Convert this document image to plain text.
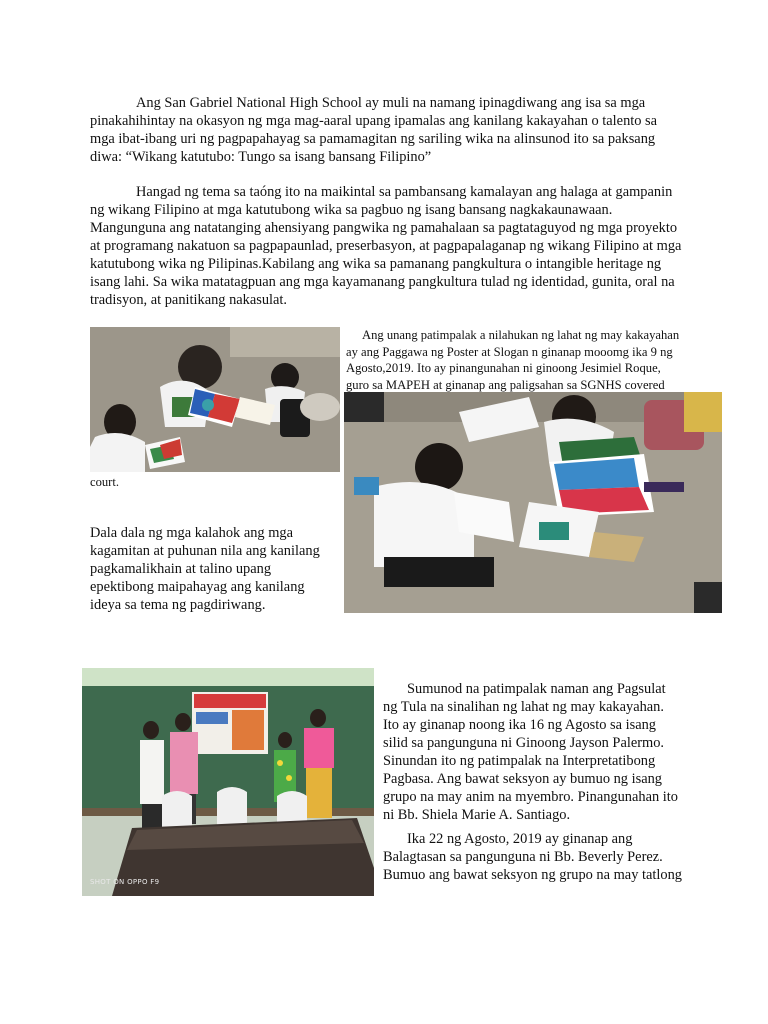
Ang San Gabriel National High School ay muli na namang ipinagdiwang ang isa sa mga pinakahihintay na okasyon ng mga mag-aaral upang ipamalas ang kanilang kakayahan o talento sa mga ibat-ibang uri ng pagpapahayag sa pamamagitan ng sariling wika na alinsunod ito sa paksang diwa: “Wikang katutubo: Tungo sa isang bansang Filipino”

Hangad ng tema sa taóng ito na maikintal sa pambansang kamalayan ang halaga at gampanin ng wikang Filipino at mga katutubong wika sa pagbuo ng isang bansang nagkakaunawaan. Mangunguna ang natatanging ahensiyang pangwika ng pamahalaan sa pagtataguyod ng mga proyekto at programang nakatuon sa pagpapaunlad, preserbasyon, at pagpapalaganap ng wikang Filipino at mga katutubong wika ng Pilipinas.Kabilang ang wika sa pamanang pangkultura o intangible heritage ng isang lahi. Sa wika matatagpuan ang mga kayamanang pangkultura tulad ng identidad, gunita, oral na tradisyon, at panitikang nakasulat.

Ang unang patimpalak a nilahukan ng lahat ng may kakayahan ay ang Paggawa ng Poster at Slogan n ginanap mooomg ika 9 ng Agosto,2019. Ito ay pinangunahan ni ginoong Jesimiel Roque, guro sa MAPEH at ginanap ang paligsahan sa SGNHS covered

court.

Dala dala ng mga kalahok ang mga kagamitan at puhunan nila ang kanilang pagkamalikhain at talino upang epektibong maipahayag ang kanilang ideya sa tema ng pagdiriwang.

SHOT ON OPPO F9

Sumunod na patimpalak naman ang Pagsulat ng Tula na sinalihan ng lahat ng may kakayahan. Ito ay ginanap noong ika 16 ng Agosto sa isang silid sa pangunguna ni Ginoong Jayson Palermo. Sinundan ito ng patimpalak na Interpretatibong Pagbasa. Ang bawat seksyon ay bumuo ng isang grupo na may anim na myembro. Pinangunahan ito ni Bb. Shiela Marie A. Santiago.

Ika 22 ng Agosto, 2019 ay ginanap ang Balagtasan sa pangunguna ni Bb. Beverly Perez. Bumuo ang bawat seksyon ng grupo na may tatlong
